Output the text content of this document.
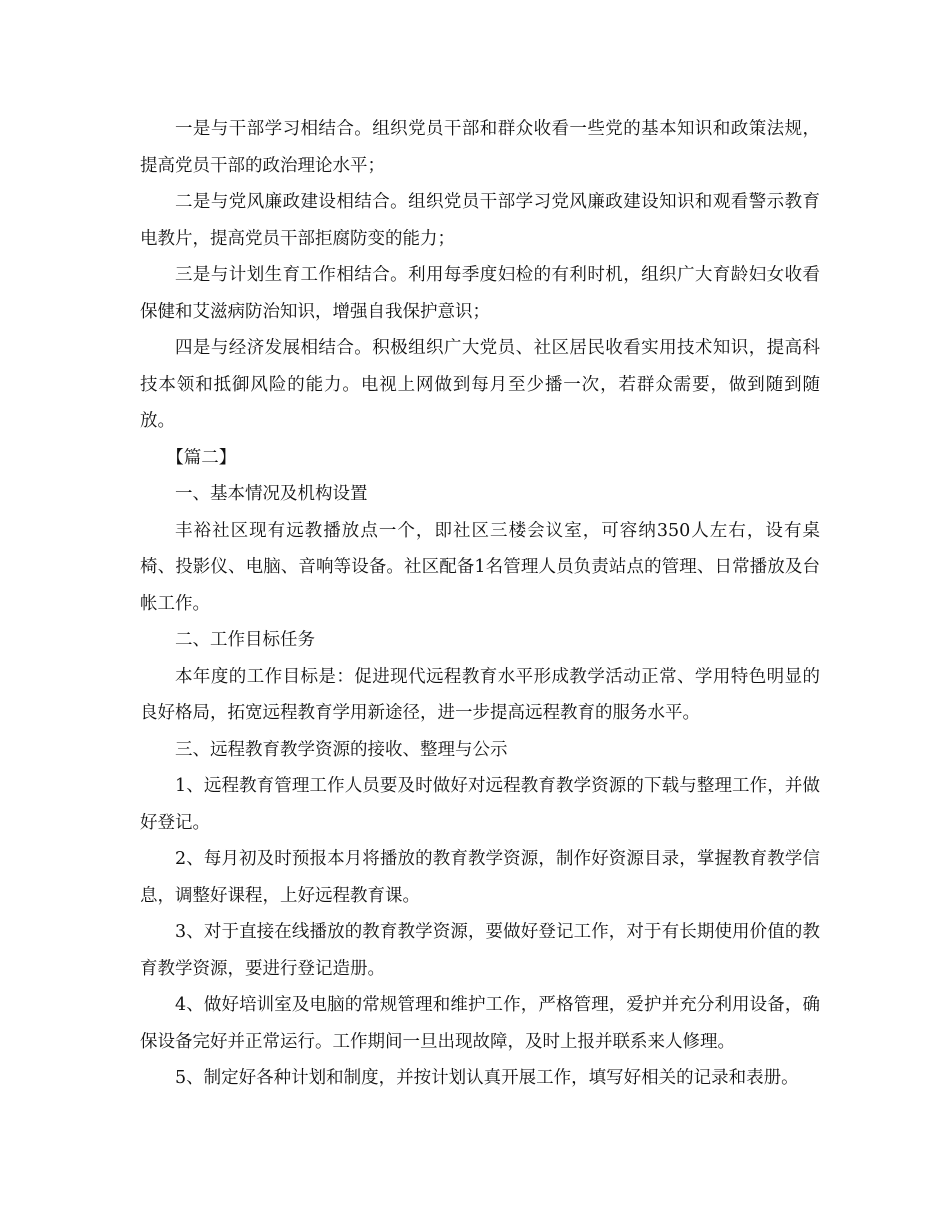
一是与干部学习相结合。组织党员干部和群众收看一些党的基本知识和政策法规，提高党员干部的政治理论水平；

二是与党风廉政建设相结合。组织党员干部学习党风廉政建设知识和观看警示教育电教片，提高党员干部拒腐防变的能力；

三是与计划生育工作相结合。利用每季度妇检的有利时机，组织广大育龄妇女收看保健和艾滋病防治知识，增强自我保护意识；

四是与经济发展相结合。积极组织广大党员、社区居民收看实用技术知识，提高科技本领和抵御风险的能力。电视上网做到每月至少播一次，若群众需要，做到随到随放。

【篇二】

一、基本情况及机构设置

丰裕社区现有远教播放点一个，即社区三楼会议室，可容纳350人左右，设有桌椅、投影仪、电脑、音响等设备。社区配备1名管理人员负责站点的管理、日常播放及台帐工作。

二、工作目标任务

本年度的工作目标是：促进现代远程教育水平形成教学活动正常、学用特色明显的良好格局，拓宽远程教育学用新途径，进一步提高远程教育的服务水平。

三、远程教育教学资源的接收、整理与公示

1、远程教育管理工作人员要及时做好对远程教育教学资源的下载与整理工作，并做好登记。

2、每月初及时预报本月将播放的教育教学资源，制作好资源目录，掌握教育教学信息，调整好课程，上好远程教育课。

3、对于直接在线播放的教育教学资源，要做好登记工作，对于有长期使用价值的教育教学资源，要进行登记造册。

4、做好培训室及电脑的常规管理和维护工作，严格管理，爱护并充分利用设备，确保设备完好并正常运行。工作期间一旦出现故障，及时上报并联系来人修理。

5、制定好各种计划和制度，并按计划认真开展工作，填写好相关的记录和表册。
